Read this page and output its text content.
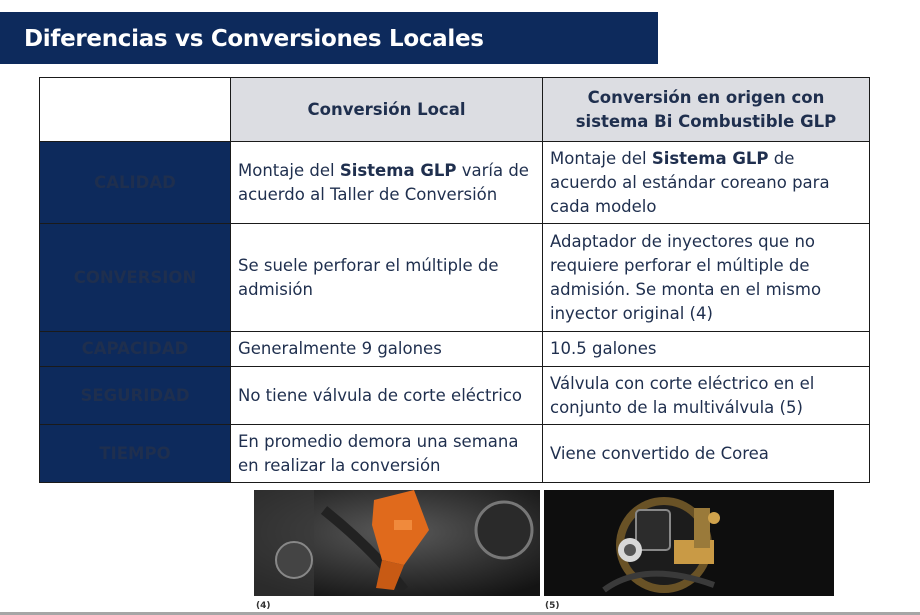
Diferencias vs Conversiones Locales
	Conversión Local	Conversión en origen con sistema Bi Combustible GLP
CALIDAD	Montaje del Sistema GLP varía de acuerdo al Taller de Conversión	Montaje del Sistema GLP de acuerdo al estándar coreano para cada modelo
CONVERSION	Se suele perforar el múltiple de admisión	Adaptador de inyectores que no requiere perforar el múltiple de admisión. Se monta en el mismo inyector original (4)
CAPACIDAD	Generalmente 9 galones	10.5 galones
SEGURIDAD	No tiene válvula de corte eléctrico	Válvula con corte eléctrico en el conjunto de la multiválvula (5)
TIEMPO	En promedio demora una semana en realizar la conversión	Viene convertido de Corea
(4)	(5)
